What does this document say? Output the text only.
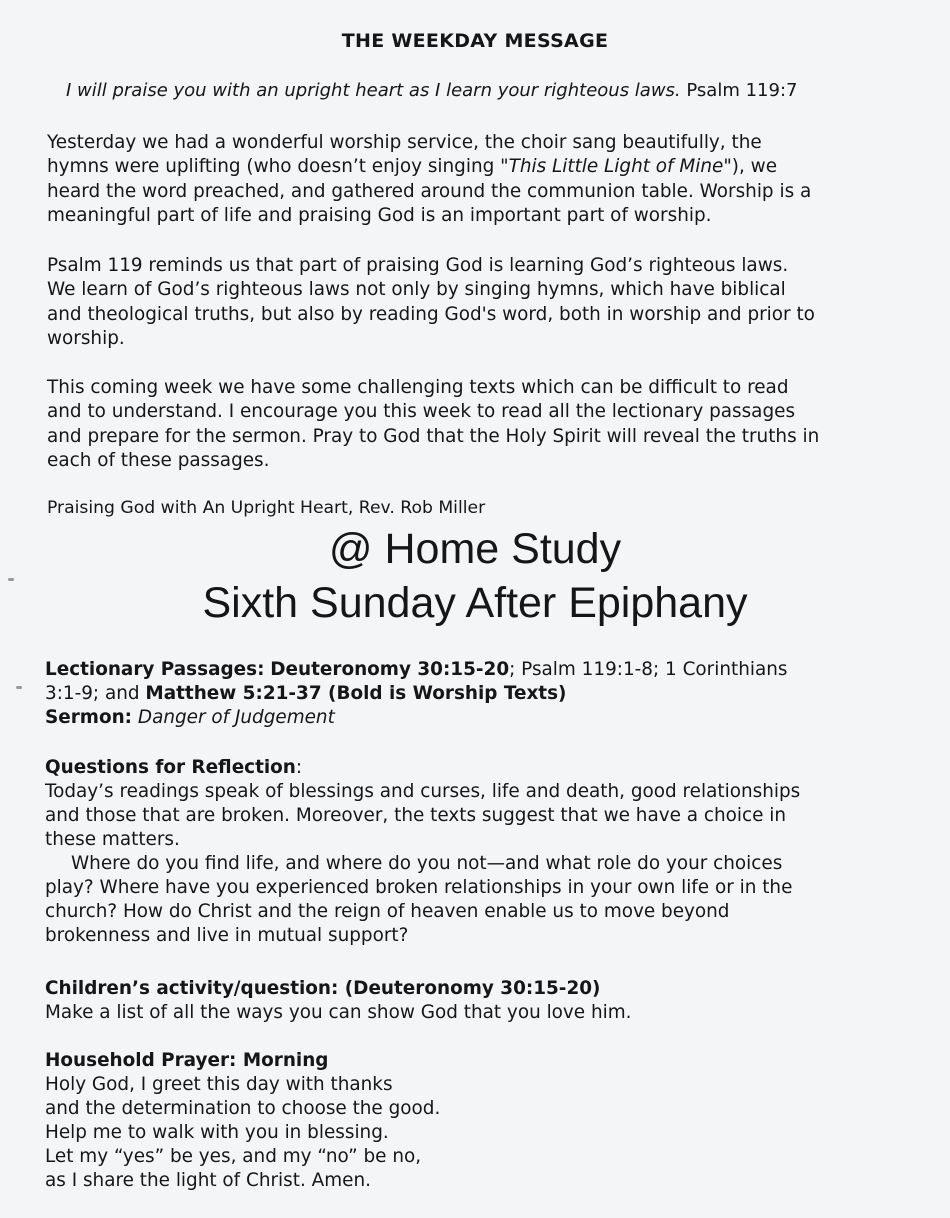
THE WEEKDAY MESSAGE
I will praise you with an upright heart as I learn your righteous laws. Psalm 119:7

Yesterday we had a wonderful worship service, the choir sang beautifully, the
hymns were uplifting (who doesn’t enjoy singing "This Little Light of Mine"), we
heard the word preached, and gathered around the communion table. Worship is a
meaningful part of life and praising God is an important part of worship.

Psalm 119 reminds us that part of praising God is learning God’s righteous laws.
We learn of God’s righteous laws not only by singing hymns, which have biblical
and theological truths, but also by reading God's word, both in worship and prior to
worship.

This coming week we have some challenging texts which can be difficult to read
and to understand. I encourage you this week to read all the lectionary passages
and prepare for the sermon. Pray to God that the Holy Spirit will reveal the truths in
each of these passages.

Praising God with An Upright Heart, Rev. Rob Miller
@ Home Study
Sixth Sunday After Epiphany
Lectionary Passages: Deuteronomy 30:15-20; Psalm 119:1-8; 1 Corinthians
3:1-9; and Matthew 5:21-37 (Bold is Worship Texts)
Sermon: Danger of Judgement
Questions for Reflection:
Today’s readings speak of blessings and curses, life and death, good relationships
and those that are broken. Moreover, the texts suggest that we have a choice in
these matters.
Where do you find life, and where do you not—and what role do your choices
play? Where have you experienced broken relationships in your own life or in the
church? How do Christ and the reign of heaven enable us to move beyond
brokenness and live in mutual support?
Children’s activity/question: (Deuteronomy 30:15-20)
Make a list of all the ways you can show God that you love him.
Household Prayer: Morning
Holy God, I greet this day with thanks
and the determination to choose the good.
Help me to walk with you in blessing.
Let my “yes” be yes, and my “no” be no,
as I share the light of Christ. Amen.
